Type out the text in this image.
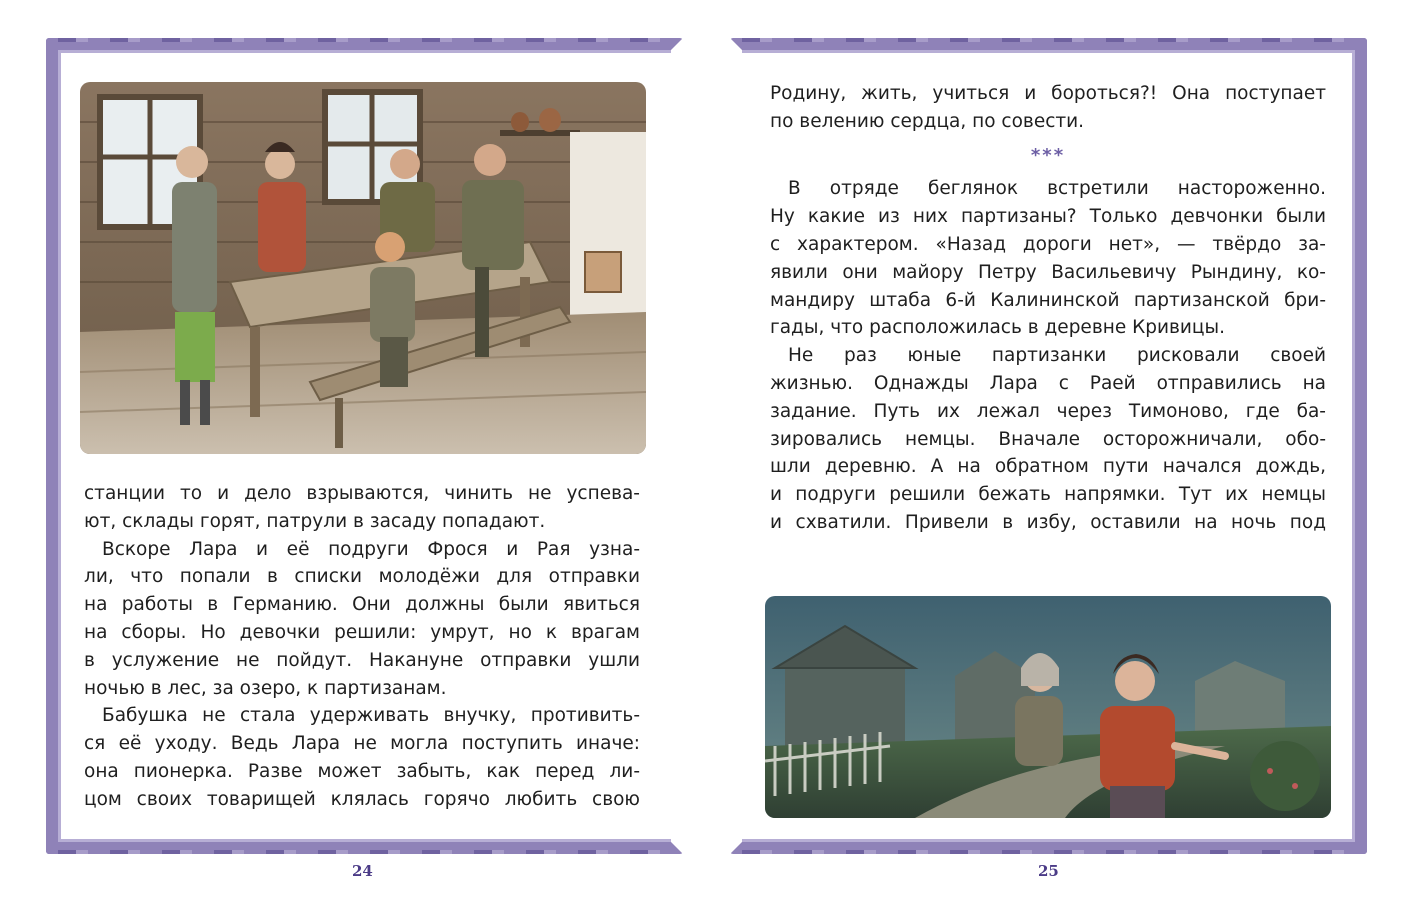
станции то и дело взрываются, чинить не успева-
ют, склады горят, патрули в засаду попадают.
Вскоре Лара и её подруги Фрося и Рая узна-
ли, что попали в списки молодёжи для отправки
на работы в Германию. Они должны были явиться
на сборы. Но девочки решили: умрут, но к врагам
в услужение не пойдут. Накануне отправки ушли
ночью в лес, за озеро, к партизанам.
Бабушка не стала удерживать внучку, противить-
ся её уходу. Ведь Лара не могла поступить иначе:
она пионерка. Разве может забыть, как перед ли-
цом своих товарищей клялась горячо любить свою
24
Родину, жить, учиться и бороться?! Она поступает
по велению сердца, по совести.
***
В отряде беглянок встретили настороженно.
Ну какие из них партизаны? Только девчонки были
с характером. «Назад дороги нет», — твёрдо за-
явили они майору Петру Васильевичу Рындину, ко-
мандиру штаба 6-й Калининской партизанской бри-
гады, что расположилась в деревне Кривицы.
Не раз юные партизанки рисковали своей
жизнью. Однажды Лара с Раей отправились на
задание. Путь их лежал через Тимоново, где ба-
зировались немцы. Вначале осторожничали, обо-
шли деревню. А на обратном пути начался дождь,
и подруги решили бежать напрямки. Тут их немцы
и схватили. Привели в избу, оставили на ночь под
25
